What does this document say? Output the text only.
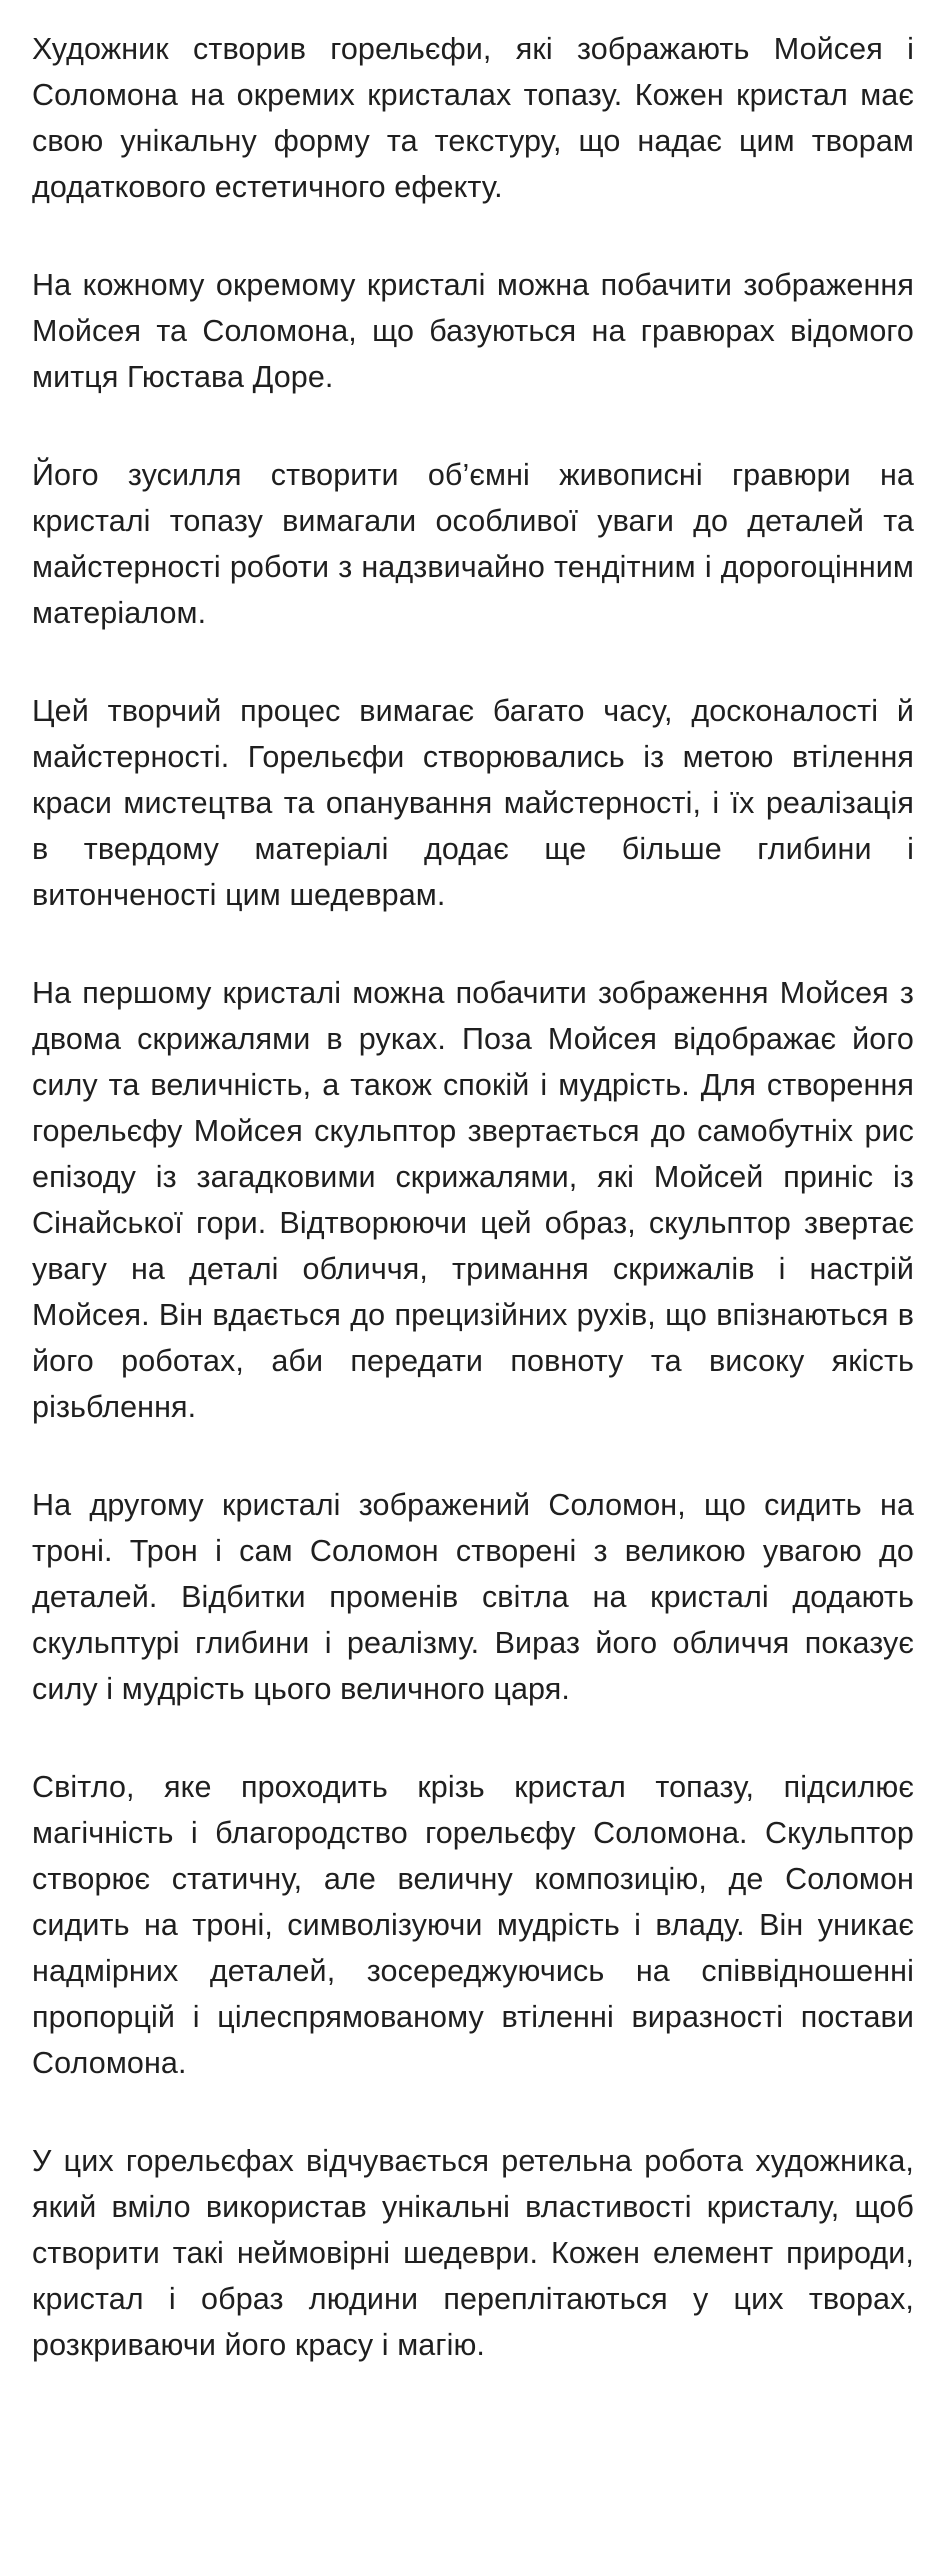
Художник створив горельєфи, які зображають Мойсея і Соломона на окремих кристалах топазу. Кожен кристал має свою унікальну форму та текстуру, що надає цим творам додаткового естетичного ефекту.

На кожному окремому кристалі можна побачити зображення Мойсея та Соломона, що базуються на гравюрах відомого митця Гюстава Доре.

Його зусилля створити об’ємні живописні гравюри на кристалі топазу вимагали особливої уваги до деталей та майстерності роботи з надзвичайно тендітним і дорогоцінним матеріалом.

Цей творчий процес вимагає багато часу, досконалості й майстерності. Горельєфи створювались із метою втілення краси мистецтва та опанування майстерності, і їх реалізація в твердому матеріалі додає ще більше глибини і витонченості цим шедеврам.

На першому кристалі можна побачити зображення Мойсея з двома скрижалями в руках. Поза Мойсея відображає його силу та величність, а також спокій і мудрість. Для створення горельєфу Мойсея скульптор звертається до самобутніх рис епізоду із загадковими скрижалями, які Мойсей приніс із Сінайської гори. Відтворюючи цей образ, скульптор звертає увагу на деталі обличчя, тримання скрижалів і настрій Мойсея. Він вдається до прецизійних рухів, що впізнаються в його роботах, аби передати повноту та високу якість різьблення.

На другому кристалі зображений Соломон, що сидить на троні. Трон і сам Соломон створені з великою увагою до деталей. Відбитки променів світла на кристалі додають скульптурі глибини і реалізму. Вираз його обличчя показує силу і мудрість цього величного царя.

Світло, яке проходить крізь кристал топазу, підсилює магічність і благородство горельєфу Соломона. Скульптор створює статичну, але величну композицію, де Соломон сидить на троні, символізуючи мудрість і владу. Він уникає надмірних деталей, зосереджуючись на співвідношенні пропорцій і цілеспрямованому втіленні виразності постави Соломона.

У цих горельєфах відчувається ретельна робота художника, який вміло використав унікальні властивості кристалу, щоб створити такі неймовірні шедеври. Кожен елемент природи, кристал і образ людини переплітаються у цих творах, розкриваючи його красу і магію.
